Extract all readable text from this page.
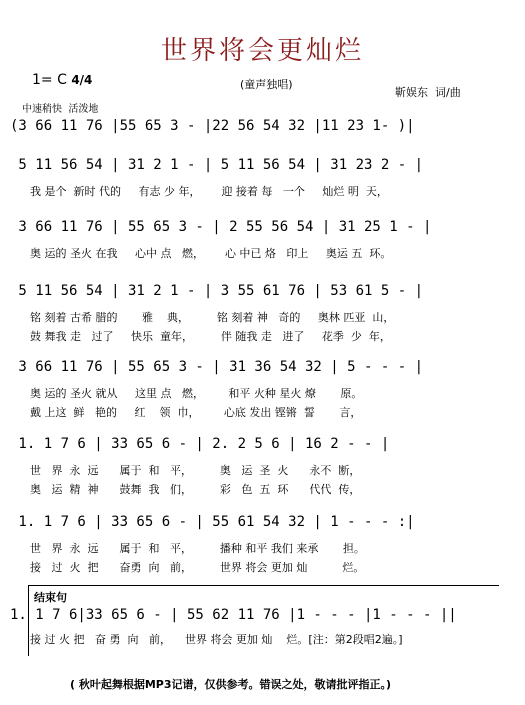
世界将会更灿烂
1= C 4/4	(童声独唱)
靳娱东  词/曲
中速稍快  活泼地
(3 66 11 76 |55 65 3 - |22 56 54 32 |11 23 1- )|
5 11 56 54 | 31 2 1 - | 5 11 56 54 | 31 23 2 - |
我 是个  新时 代的     有志 少 年，      迎 接着 每   一个     灿烂 明  天，
3 66 11 76 | 55 65 3 - | 2 55 56 54 | 31 25 1 - |
奥 运的 圣火 在我     心中 点   燃，      心 中已 烙   印上     奥运 五  环。
5 11 56 54 | 31 2 1 - | 3 55 61 76 | 53 61 5 - |
铭 刻着 古希 腊的       雅    典，        铭 刻着 神   奇的     奥林 匹亚  山，
鼓 舞我 走   过了     快乐  童年，        伴 随我 走   进了     花季  少  年，
3 66 11 76 | 55 65 3 - | 31 36 54 32 | 5 - - - |
奥 运的 圣火 就从     这里 点   燃，       和平 火种 星火 燎       原。
戴 上这  鲜   艳的     红    领  巾，       心底 发出 铿锵  誓       言，
1. 1 7 6 | 33 65 6 - | 2. 2 5 6 | 16 2 - - |
世   界  永  远      属于  和   平，        奥   运  圣  火      永不  断，
奥   运  精  神      鼓舞  我   们，        彩   色  五  环      代代  传，
1. 1 7 6 | 33 65 6 - | 55 61 54 32 | 1 - - - :|
世   界  永  远      属于  和   平，        播种 和平 我们 来承       担。
接   过  火  把      奋勇  向   前，        世界 将会 更加 灿          烂。
结束句
1. 1 7 6|33 65 6 - | 55 62 11 76 |1 - - - |1 - - - ||
接 过 火 把   奋 勇  向   前，    世界 将会 更加 灿    烂。[注：第2段唱2遍。]
( 秋叶起舞根据MP3记谱，仅供参考。错误之处，敬请批评指正。)
